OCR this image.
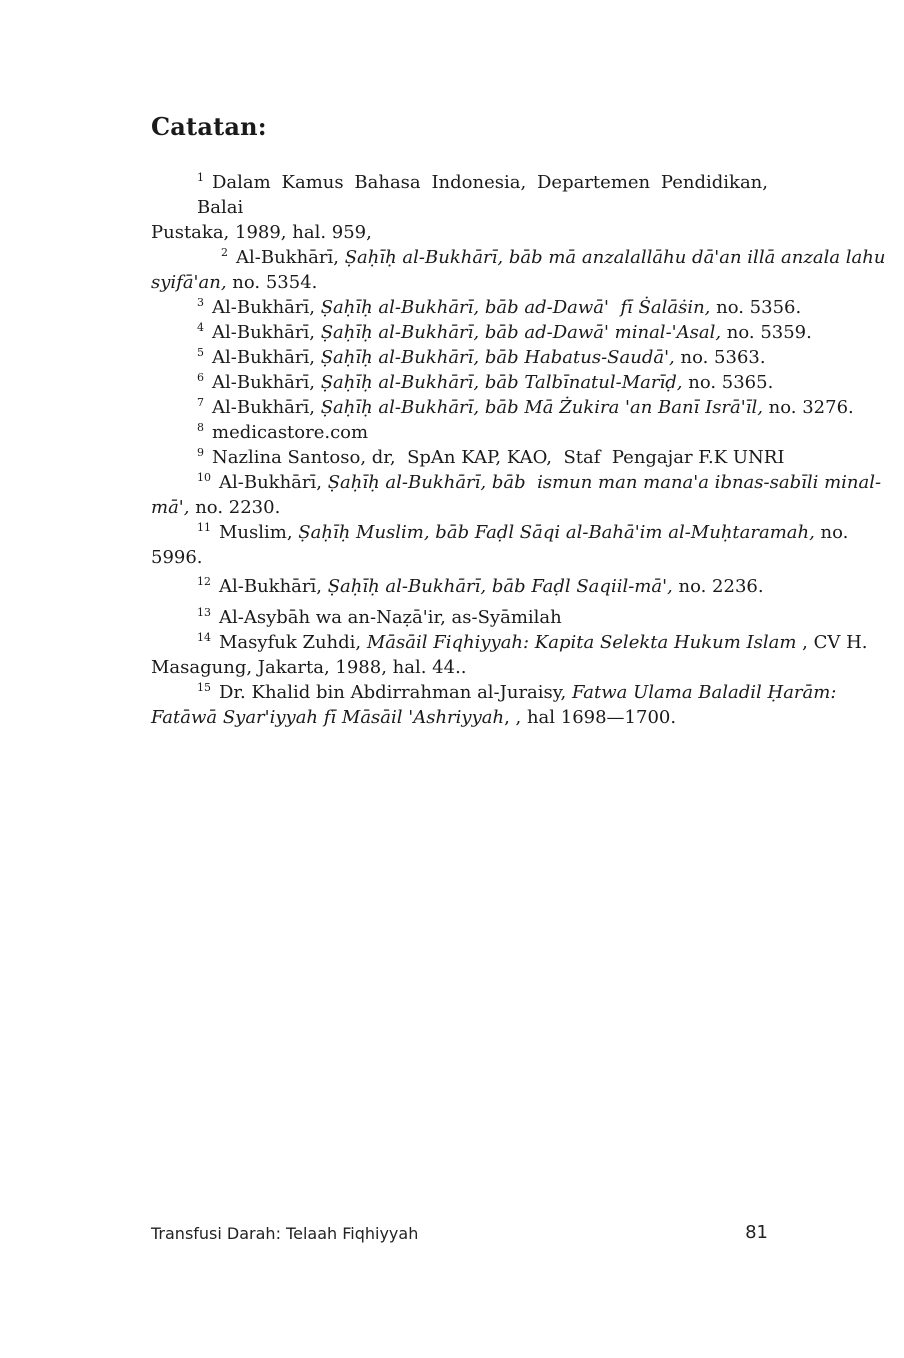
Catatan:
$^1$ Dalam Kamus Bahasa Indonesia, Departemen Pendidikan, Balai
Pustaka, 1989, hal. 959,
$^2$ Al-Bukhārī, Ṣaḥīḥ al-Bukhārī, bāb mā anzalallāhu dā'an illā anzala lahu
syifā'an, no. 5354.
$^3$ Al-Bukhārī, Ṣaḥīḥ al-Bukhārī, bāb ad-Dawā'  fī Ṡalāṡin, no. 5356.
$^4$ Al-Bukhārī, Ṣaḥīḥ al-Bukhārī, bāb ad-Dawā' minal-'Asal, no. 5359.
$^5$ Al-Bukhārī, Ṣaḥīḥ al-Bukhārī, bāb Habatus-Saudā', no. 5363.
$^6$ Al-Bukhārī, Ṣaḥīḥ al-Bukhārī, bāb Talbīnatul-Marīḍ, no. 5365.
$^7$ Al-Bukhārī, Ṣaḥīḥ al-Bukhārī, bāb Mā Żukira 'an Banī Isrā'īl, no. 3276.
$^8$ medicastore.com
$^9$ Nazlina Santoso, dr,  SpAn KAP, KAO,  Staf  Pengajar F.K UNRI
$^{10}$ Al-Bukhārī, Ṣaḥīḥ al-Bukhārī, bāb  ismun man mana'a ibnas-sabīli minal-
mā', no. 2230.
$^{11}$ Muslim, Ṣaḥīḥ Muslim, bāb Faḍl Sāqi al-Bahā'im al-Muḥtaramah, no.
5996.
$^{12}$ Al-Bukhārī, Ṣaḥīḥ al-Bukhārī, bāb Faḍl Saqiil-mā', no. 2236.
$^{13}$ Al-Asybāh wa an-Naẓā'ir, as-Syāmilah
$^{14}$ Masyfuk Zuhdi, Māsāil Fiqhiyyah: Kapita Selekta Hukum Islam , CV H.
Masagung, Jakarta, 1988, hal. 44..
$^{15}$ Dr. Khalid bin Abdirrahman al-Juraisy, Fatwa Ulama Baladil Ḥarām:
Fatāwā Syar'iyyah fī Māsāil 'Ashriyyah, , hal 1698—1700.
Transfusi Darah: Telaah Fiqhiyyah	81
